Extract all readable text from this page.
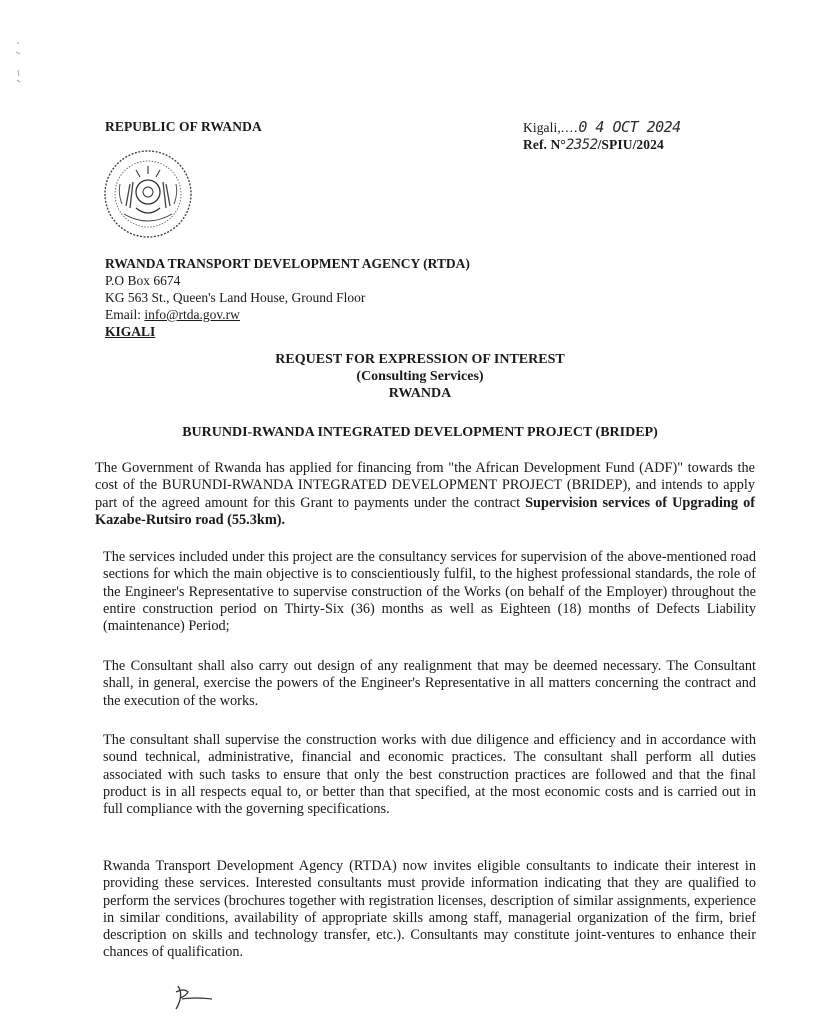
REPUBLIC OF RWANDA	Kigali,....0 4 OCT 2024
Ref. N°2352/SPIU/2024
RWANDA TRANSPORT DEVELOPMENT AGENCY (RTDA)
P.O Box 6674
KG 563 St., Queen's Land House, Ground Floor
Email: info@rtda.gov.rw
KIGALI
REQUEST FOR EXPRESSION OF INTEREST
(Consulting Services)
RWANDA
BURUNDI-RWANDA INTEGRATED DEVELOPMENT PROJECT (BRIDEP)
The Government of Rwanda has applied for financing from "the African Development Fund (ADF)" towards the cost of the BURUNDI-RWANDA INTEGRATED DEVELOPMENT PROJECT (BRIDEP), and intends to apply part of the agreed amount for this Grant to payments under the contract Supervision services of Upgrading of Kazabe-Rutsiro road (55.3km).
The services included under this project are the consultancy services for supervision of the above-mentioned road sections for which the main objective is to conscientiously fulfil, to the highest professional standards, the role of the Engineer's Representative to supervise construction of the Works (on behalf of the Employer) throughout the entire construction period on Thirty-Six (36) months as well as Eighteen (18) months of Defects Liability (maintenance) Period;
The Consultant shall also carry out design of any realignment that may be deemed necessary. The Consultant shall, in general, exercise the powers of the Engineer's Representative in all matters concerning the contract and the execution of the works.
The consultant shall supervise the construction works with due diligence and efficiency and in accordance with sound technical, administrative, financial and economic practices. The consultant shall perform all duties associated with such tasks to ensure that only the best construction practices are followed and that the final product is in all respects equal to, or better than that specified, at the most economic costs and is carried out in full compliance with the governing specifications.
Rwanda Transport Development Agency (RTDA) now invites eligible consultants to indicate their interest in providing these services. Interested consultants must provide information indicating that they are qualified to perform the services (brochures together with registration licenses, description of similar assignments, experience in similar conditions, availability of appropriate skills among staff, managerial organization of the firm, brief description on skills and technology transfer, etc.). Consultants may constitute joint-ventures to enhance their chances of qualification.
